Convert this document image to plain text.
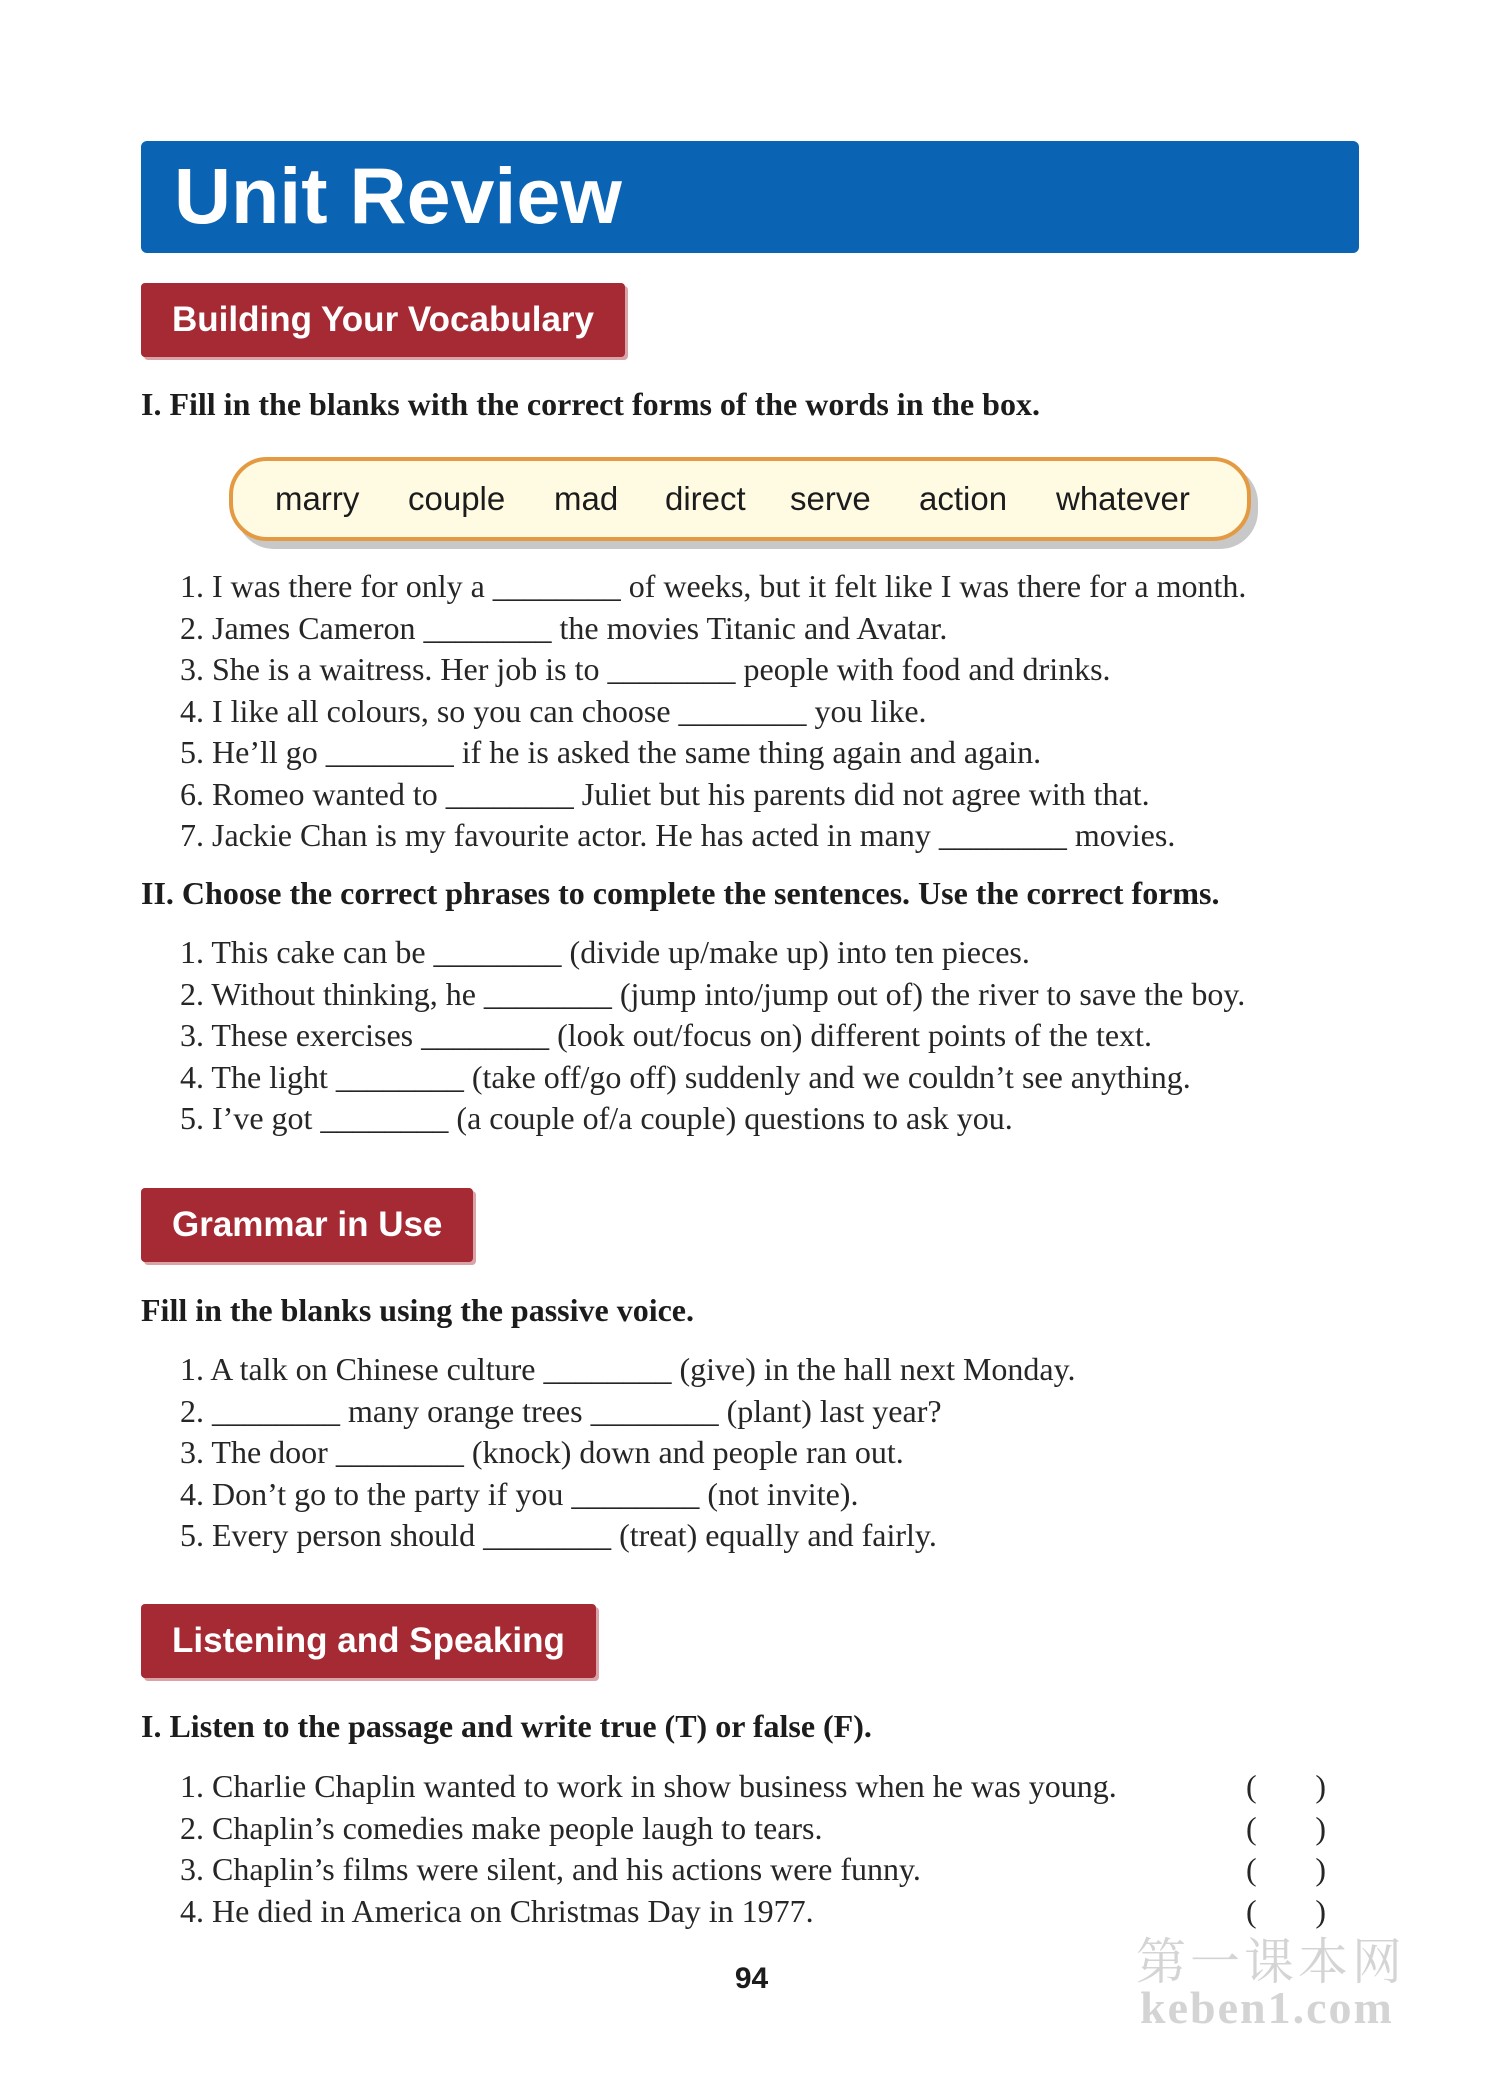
Unit Review
Building Your Vocabulary

I. Fill in the blanks with the correct forms of the words in the box.

marry couple mad direct serve action whatever
1. I was there for only a ________ of weeks, but it felt like I was there for a month.
2. James Cameron ________ the movies Titanic and Avatar.
3. She is a waitress. Her job is to ________ people with food and drinks.
4. I like all colours, so you can choose ________ you like.
5. He’ll go ________ if he is asked the same thing again and again.
6. Romeo wanted to ________ Juliet but his parents did not agree with that.
7. Jackie Chan is my favourite actor. He has acted in many ________ movies.

II. Choose the correct phrases to complete the sentences. Use the correct forms.

1. This cake can be ________ (divide up/make up) into ten pieces.
2. Without thinking, he ________ (jump into/jump out of) the river to save the boy.
3. These exercises ________ (look out/focus on) different points of the text.
4. The light ________ (take off/go off) suddenly and we couldn’t see anything.
5. I’ve got ________ (a couple of/a couple) questions to ask you.
Grammar in Use

Fill in the blanks using the passive voice.

1. A talk on Chinese culture ________ (give) in the hall next Monday.
2. ________ many orange trees ________ (plant) last year?
3. The door ________ (knock) down and people ran out.
4. Don’t go to the party if you ________ (not invite).
5. Every person should ________ (treat) equally and fairly.
Listening and Speaking

I. Listen to the passage and write true (T) or false (F).

1. Charlie Chaplin wanted to work in show business when he was young.	( )
2. Chaplin’s comedies make people laugh to tears.	( )
3. Chaplin’s films were silent, and his actions were funny.	( )
4. He died in America on Christmas Day in 1977.	( )
94	第一课本网
keben1.com
